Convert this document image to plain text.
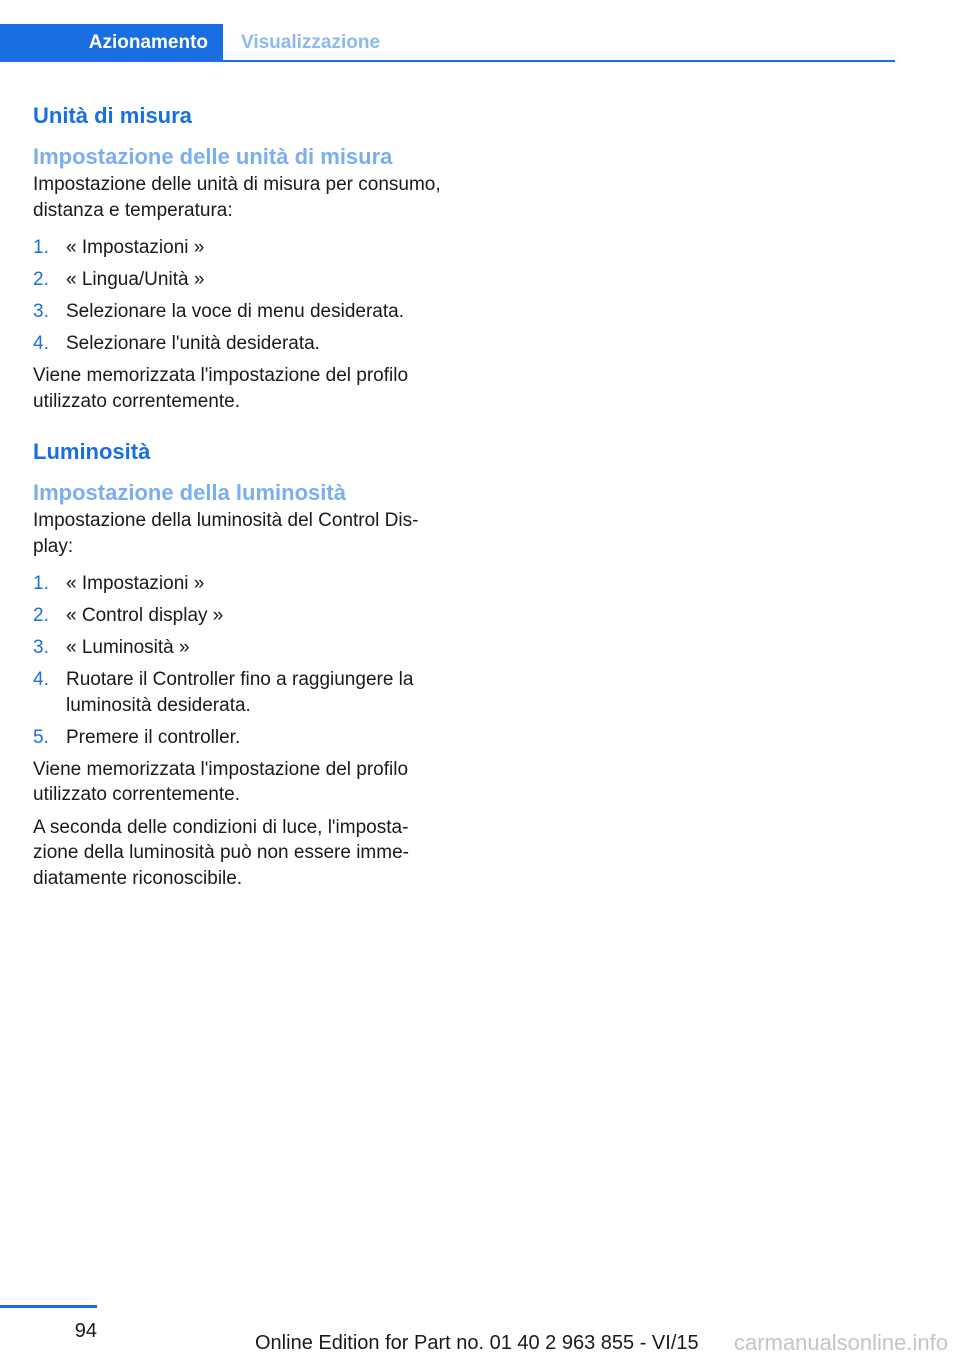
Azionamento	Visualizzazione
Unità di misura
Impostazione delle unità di misura

Impostazione delle unità di misura per consumo, distanza e temperatura:

1. « Impostazioni »
2. « Lingua/Unità »
3. Selezionare la voce di menu desiderata.
4. Selezionare l'unità desiderata.

Viene memorizzata l'impostazione del profilo utilizzato correntemente.

Luminosità
Impostazione della luminosità

Impostazione della luminosità del Control Display:

1. « Impostazioni »
2. « Control display »
3. « Luminosità »
4. Ruotare il Controller fino a raggiungere la luminosità desiderata.
5. Premere il controller.

Viene memorizzata l'impostazione del profilo utilizzato correntemente.

A seconda delle condizioni di luce, l'impostazione della luminosità può non essere immediatamente riconoscibile.

94
Online Edition for Part no. 01 40 2 963 855 - VI/15 carmanualsonline.info
